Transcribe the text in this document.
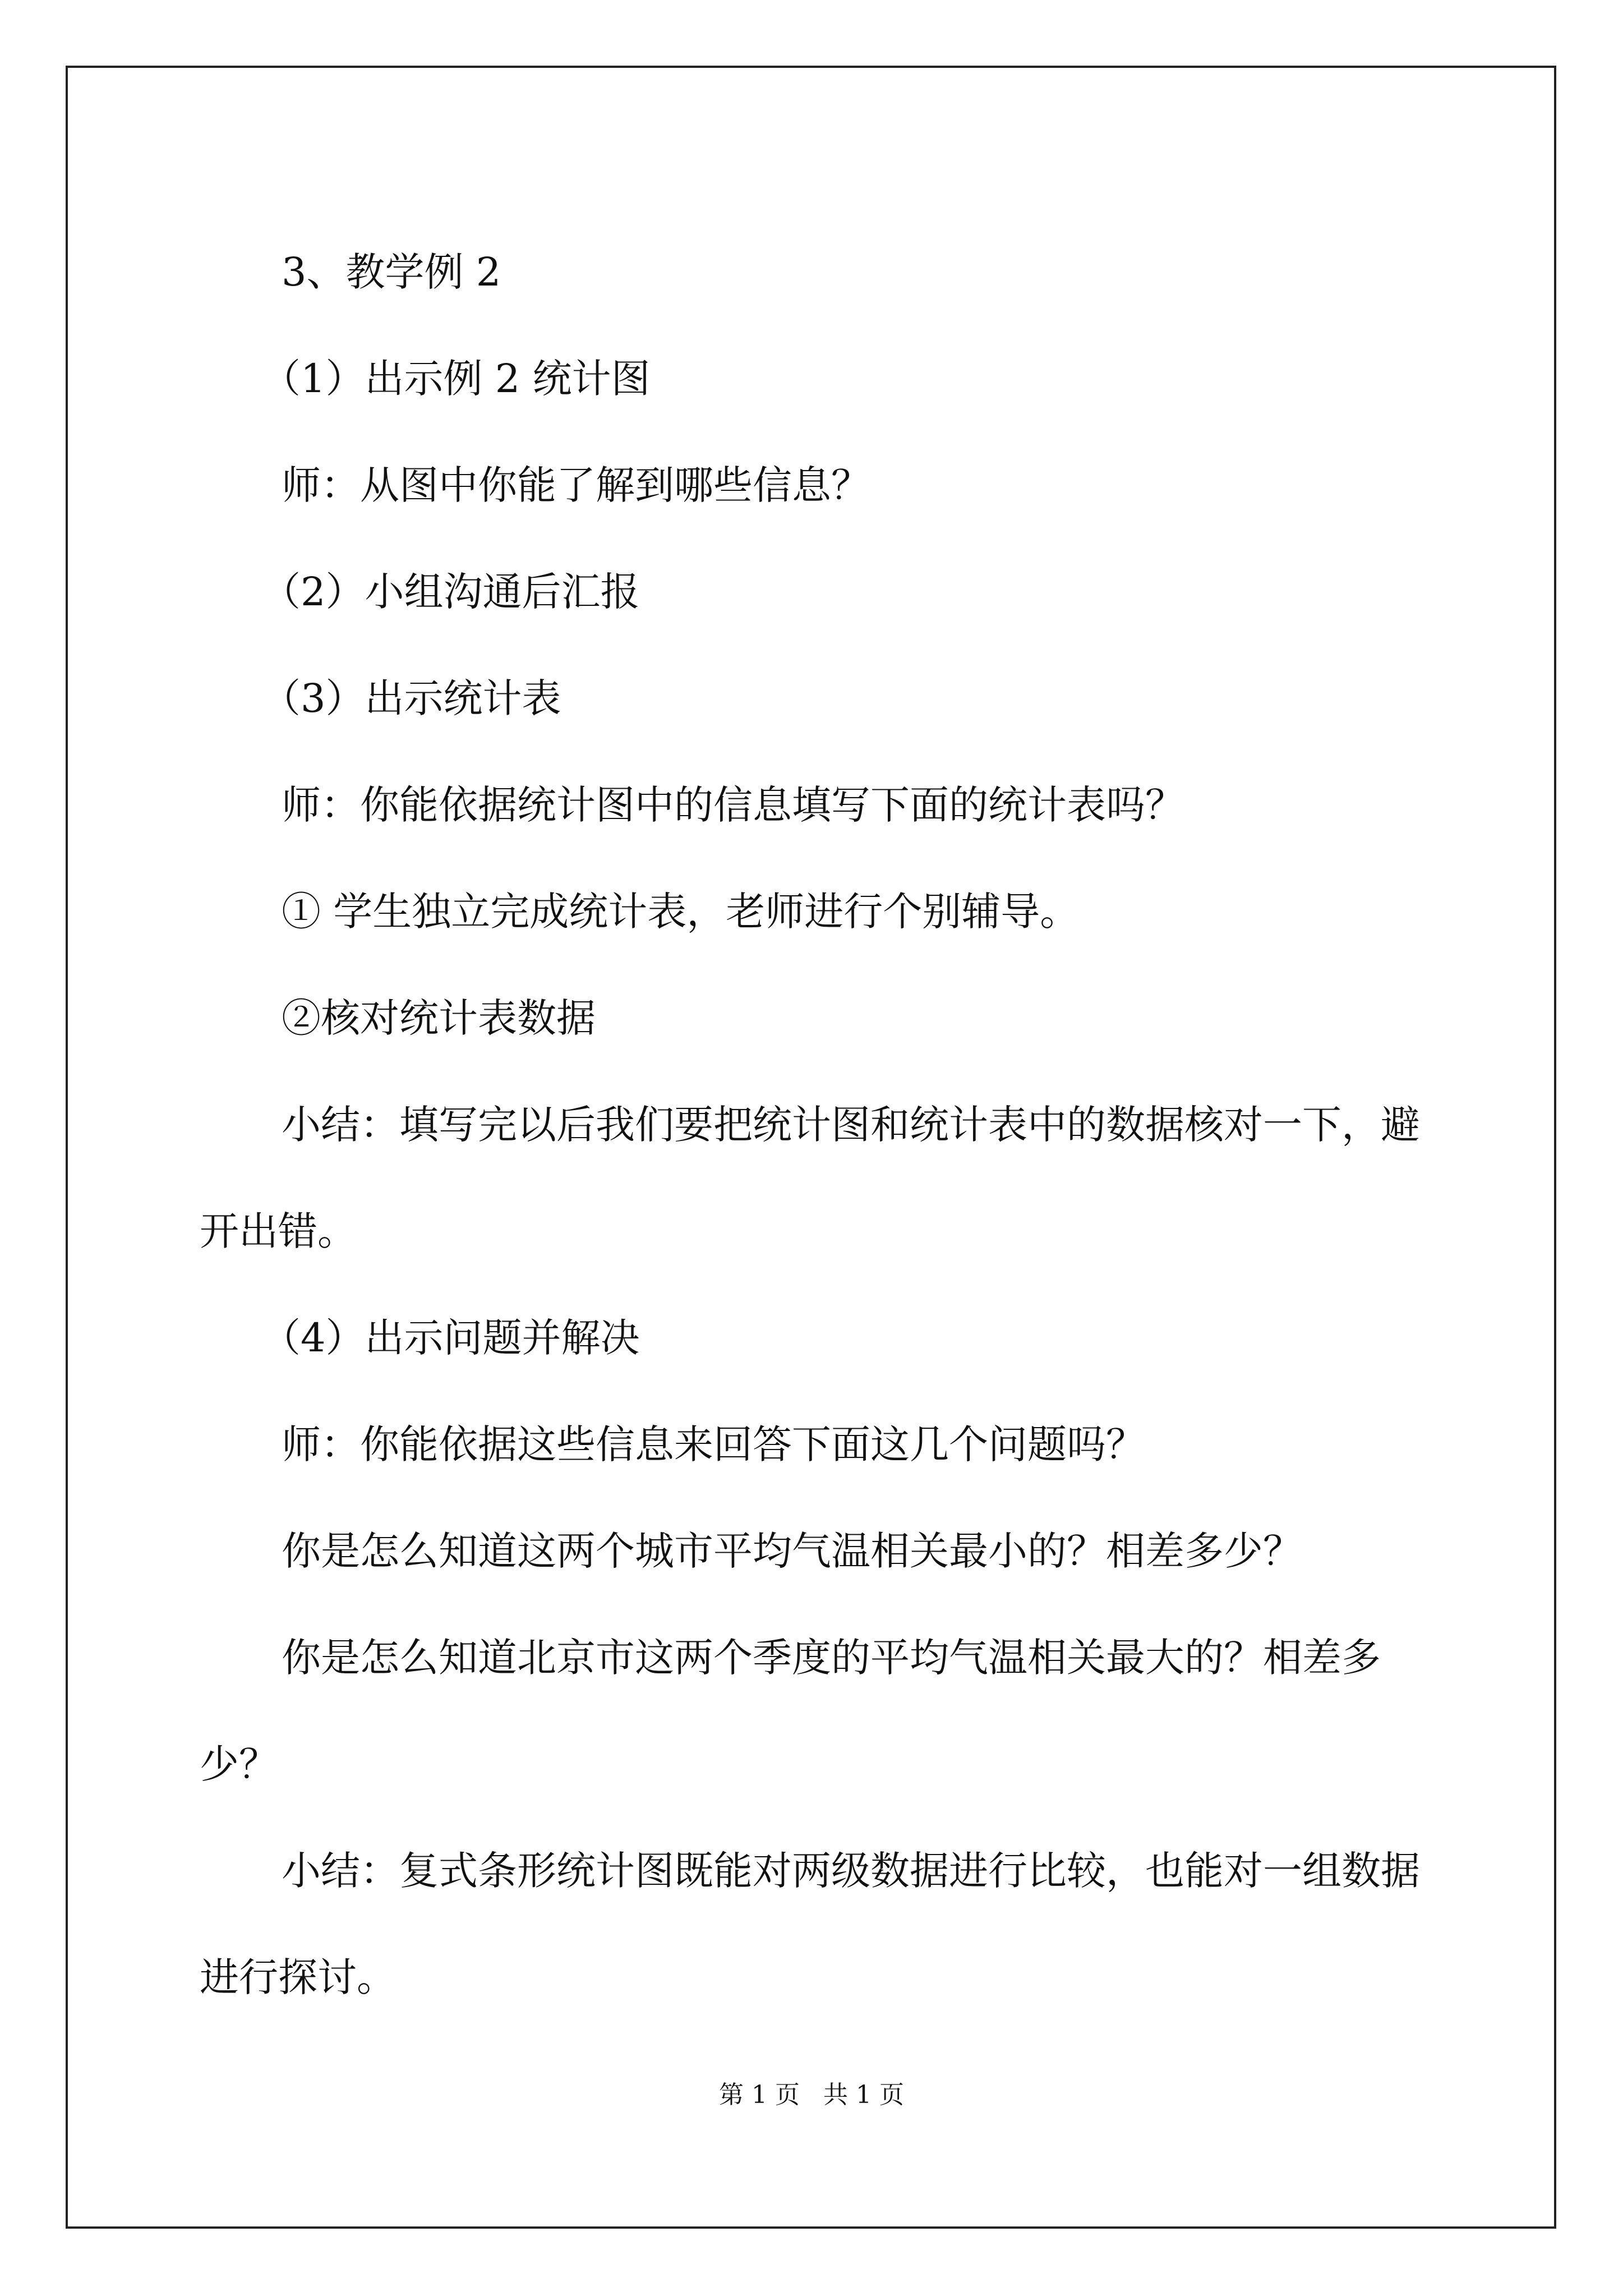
3、教学例 2

（1）出示例 2 统计图

师：从图中你能了解到哪些信息？

（2）小组沟通后汇报

（3）出示统计表

师：你能依据统计图中的信息填写下面的统计表吗？

① 学生独立完成统计表，老师进行个别辅导。

②核对统计表数据

小结：填写完以后我们要把统计图和统计表中的数据核对一下，避开出错。

（4）出示问题并解决

师：你能依据这些信息来回答下面这几个问题吗？

你是怎么知道这两个城市平均气温相关最小的？相差多少？

你是怎么知道北京市这两个季度的平均气温相关最大的？相差多少？

小结：复式条形统计图既能对两级数据进行比较，也能对一组数据进行探讨。

第 1 页 共 1 页
